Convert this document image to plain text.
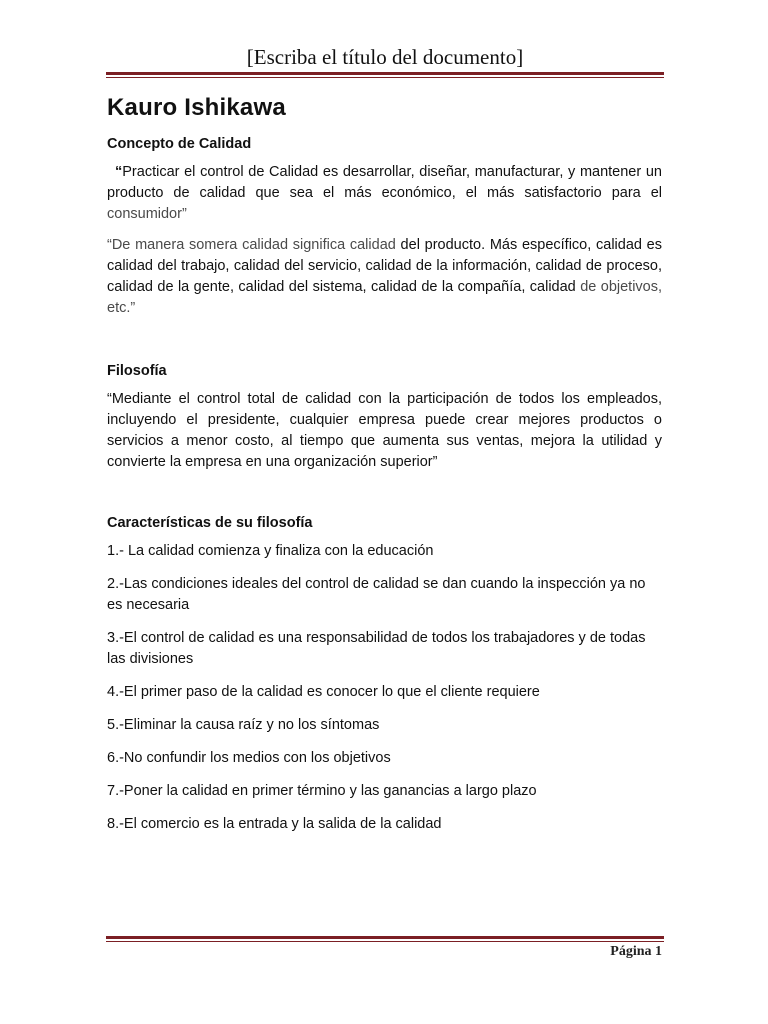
[Escriba el título del documento]
Kauro Ishikawa
Concepto de Calidad

“Practicar el control de Calidad es desarrollar, diseñar, manufacturar, y mantener un producto de calidad que sea el más económico, el más satisfactorio para el consumidor”

“De manera somera calidad significa calidad del producto. Más específico, calidad es calidad del trabajo, calidad del servicio, calidad de la información, calidad de proceso, calidad de la gente, calidad del sistema, calidad de la compañía, calidad de objetivos, etc.”

Filosofía

“Mediante el control total de calidad con la participación de todos los empleados, incluyendo el presidente, cualquier empresa puede crear mejores productos o servicios a menor costo, al tiempo que aumenta sus ventas, mejora la utilidad y convierte la empresa en una organización superior”

Características de su filosofía

1.- La calidad comienza y finaliza con la educación

2.-Las condiciones ideales del control de calidad se dan cuando la inspección ya no es necesaria

3.-El control de calidad es una responsabilidad de todos los trabajadores y de todas las divisiones

4.-El primer paso de la calidad es conocer lo que el cliente requiere

5.-Eliminar la causa raíz y no los síntomas

6.-No confundir los medios con los objetivos

7.-Poner la calidad en primer término y las ganancias a largo plazo

8.-El comercio es la entrada y la salida de la calidad

Página 1
